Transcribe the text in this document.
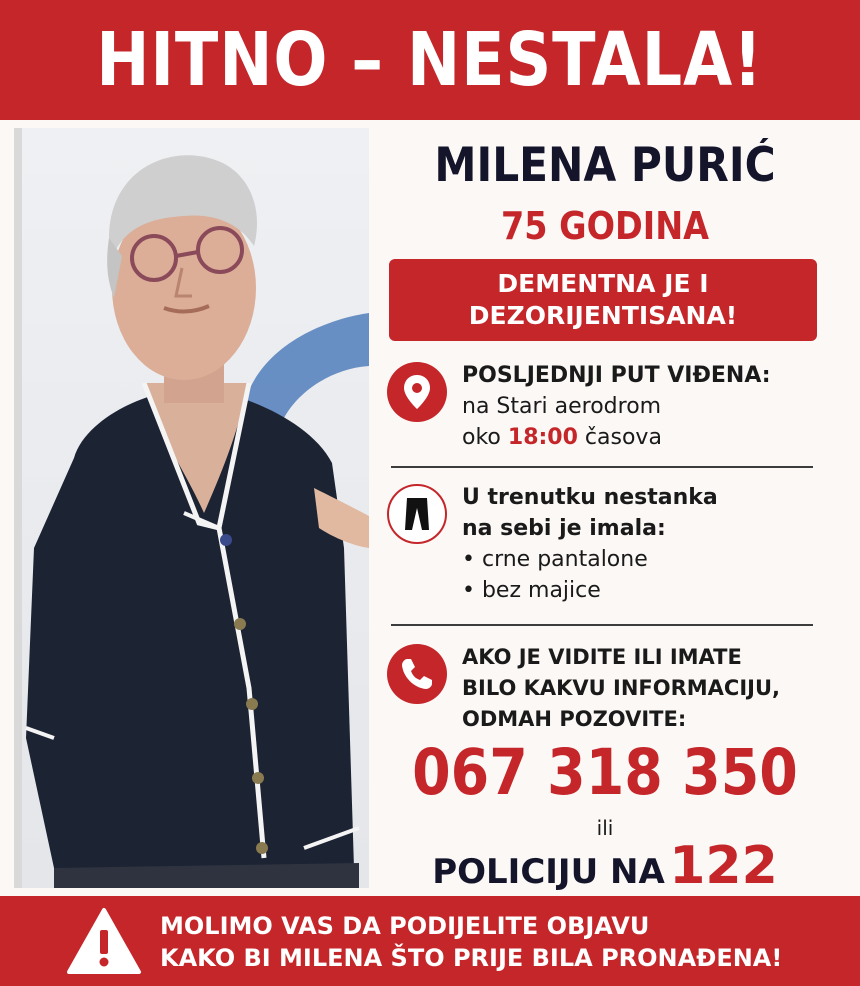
HITNO – NESTALA!
MILENA PURIĆ
75 GODINA
DEMENTNA JE I
DEZORIJENTISANA!
POSLJEDNJI PUT VIĐENA:
na Stari aerodrom
oko 18:00 časova
U trenutku nestanka
na sebi je imala:
• crne pantalone
• bez majice
AKO JE VIDITE ILI IMATE
BILO KAKVU INFORMACIJU,
ODMAH POZOVITE:
067 318 350
ili
POLICIJU NA 122
MOLIMO VAS DA PODIJELITE OBJAVU
KAKO BI MILENA ŠTO PRIJE BILA PRONAĐENA!
